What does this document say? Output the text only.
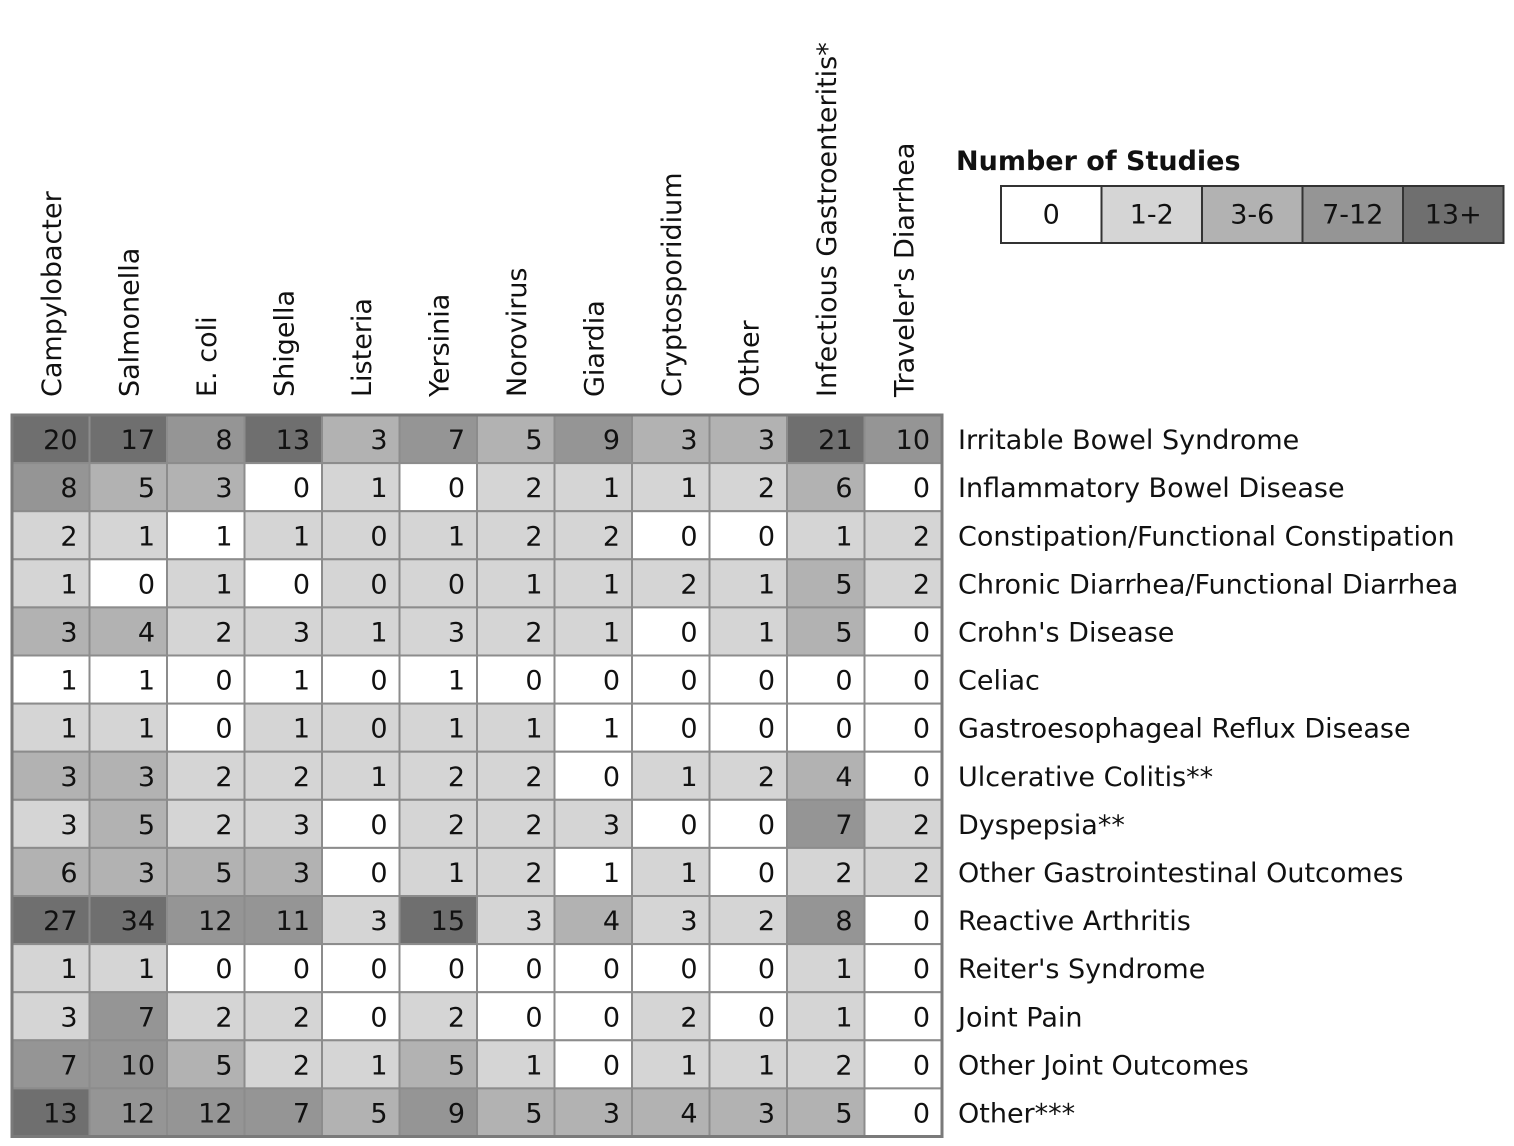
Campylobacter Salmonella E. coli Shigella Listeria Yersinia Norovirus Giardia Cryptosporidium Other Infectious Gastroenteritis* Traveler's Diarrhea
20 17 8 13 3 7 5 9 3 3 21 10
8 5 3 0 1 0 2 1 1 2 6 0
2 1 1 1 0 1 2 2 0 0 1 2
1 0 1 0 0 0 1 1 2 1 5 2
3 4 2 3 1 3 2 1 0 1 5 0
1 1 0 1 0 1 0 0 0 0 0 0
1 1 0 1 0 1 1 1 0 0 0 0
3 3 2 2 1 2 2 0 1 2 4 0
3 5 2 3 0 2 2 3 0 0 7 2
6 3 5 3 0 1 2 1 1 0 2 2
27 34 12 11 3 15 3 4 3 2 8 0
1 1 0 0 0 0 0 0 0 0 1 0
3 7 2 2 0 2 0 0 2 0 1 0
7 10 5 2 1 5 1 0 1 1 2 0
13 12 12 7 5 9 5 3 4 3 5 0
Irritable Bowel Syndrome
Inflammatory Bowel Disease
Constipation/Functional Constipation
Chronic Diarrhea/Functional Diarrhea
Crohn's Disease
Celiac
Gastroesophageal Reflux Disease
Ulcerative Colitis**
Dyspepsia**
Other Gastrointestinal Outcomes
Reactive Arthritis
Reiter's Syndrome
Joint Pain
Other Joint Outcomes
Other***
Number of Studies
0	1-2 3-6 7-12 13+
